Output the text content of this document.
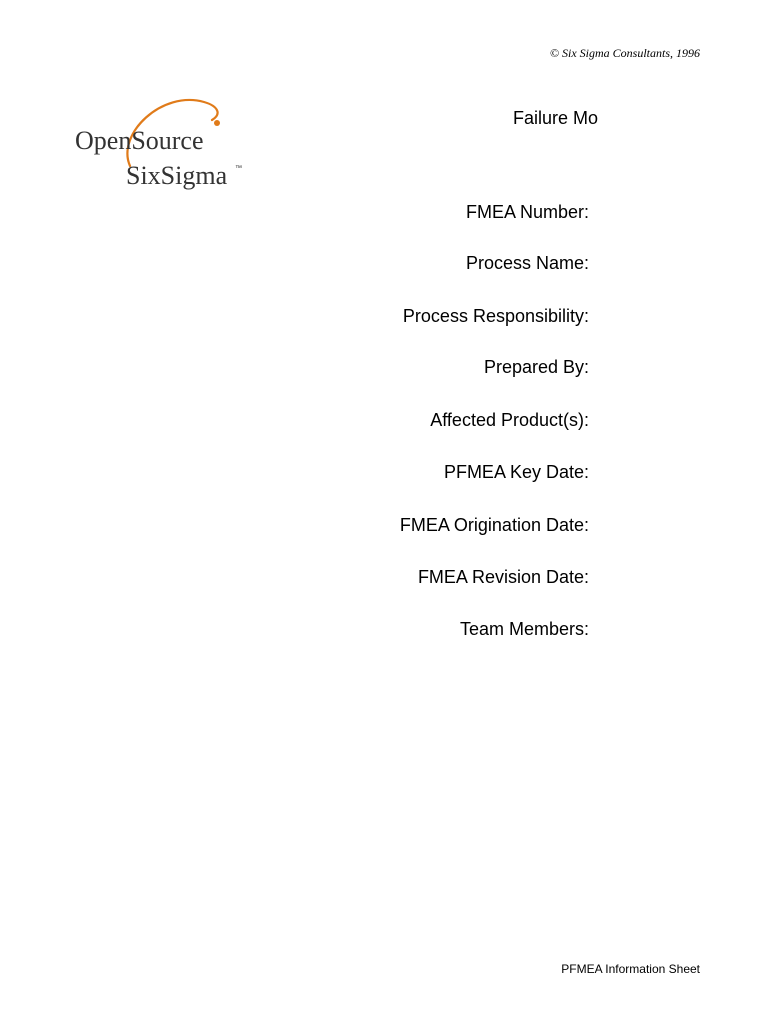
© Six Sigma Consultants, 1996
OpenSource
SixSigma ™
Failure Mo
FMEA Number:
Process Name:
Process Responsibility:
Prepared By:
Affected Product(s):
PFMEA Key Date:
FMEA Origination Date:
FMEA Revision Date:
Team Members:
PFMEA Information Sheet
